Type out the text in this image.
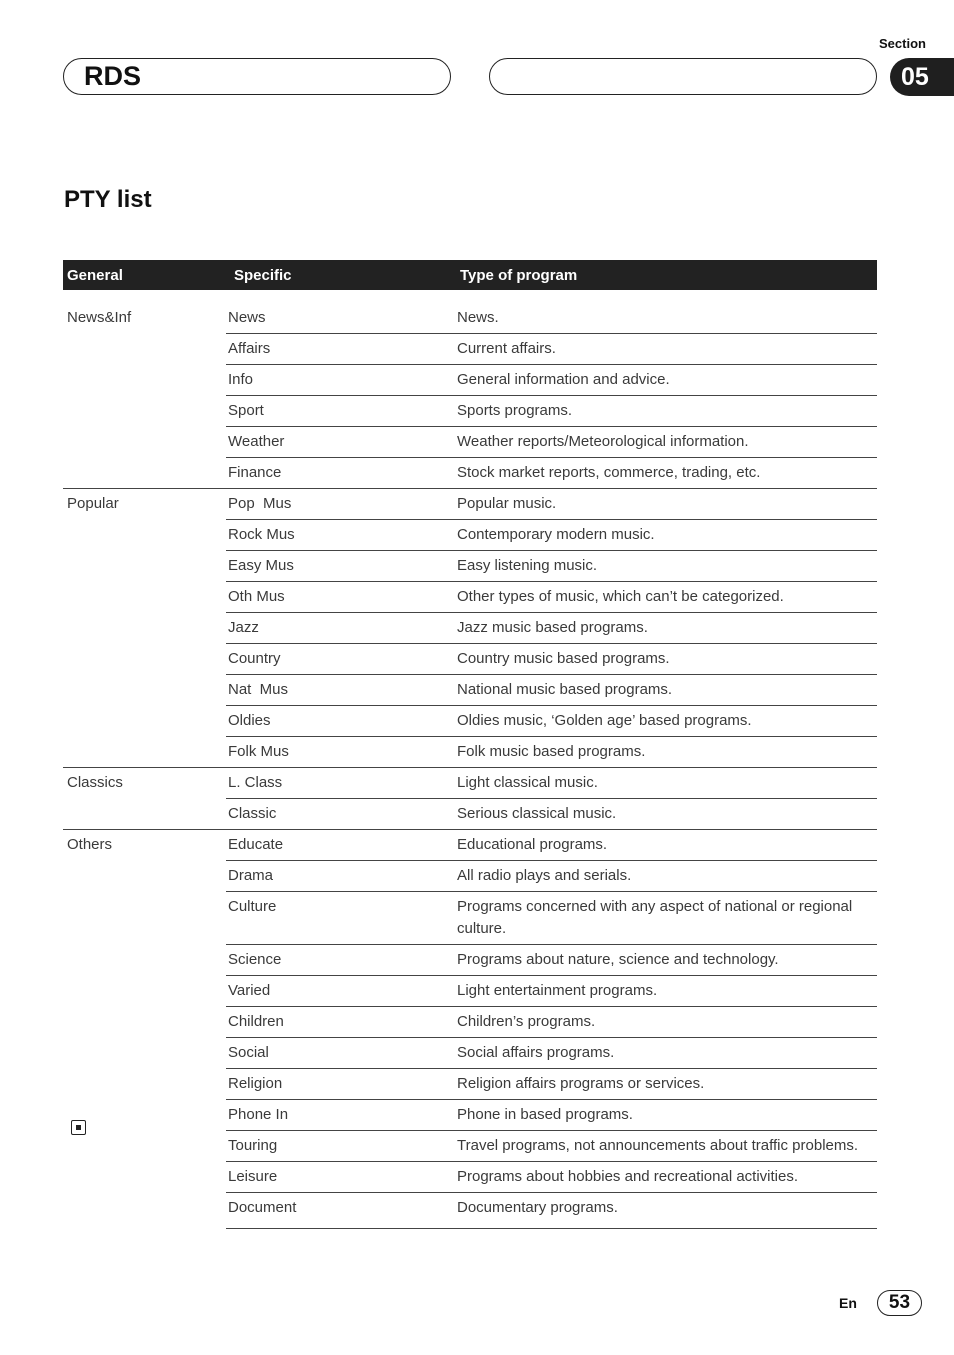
Section
RDS	05
PTY list
General	Specific	Type of program

News&Inf	News	News.
	Affairs	Current affairs.
	Info	General information and advice.
	Sport	Sports programs.
	Weather	Weather reports/Meteorological information.
	Finance	Stock market reports, commerce, trading, etc.
Popular	Pop  Mus	Popular music.
	Rock Mus	Contemporary modern music.
	Easy Mus	Easy listening music.
	Oth Mus	Other types of music, which can’t be categorized.
	Jazz	Jazz music based programs.
	Country	Country music based programs.
	Nat  Mus	National music based programs.
	Oldies	Oldies music, ‘Golden age’ based programs.
	Folk Mus	Folk music based programs.
Classics	L. Class	Light classical music.
	Classic	Serious classical music.
Others	Educate	Educational programs.
	Drama	All radio plays and serials.
	Culture	Programs concerned with any aspect of national or regional culture.
	Science	Programs about nature, science and technology.
	Varied	Light entertainment programs.
	Children	Children’s programs.
	Social	Social affairs programs.
	Religion	Religion affairs programs or services.
	Phone In	Phone in based programs.
	Touring	Travel programs, not announcements about traffic problems.
	Leisure	Programs about hobbies and recreational activities.
	Document	Documentary programs.
En	53
